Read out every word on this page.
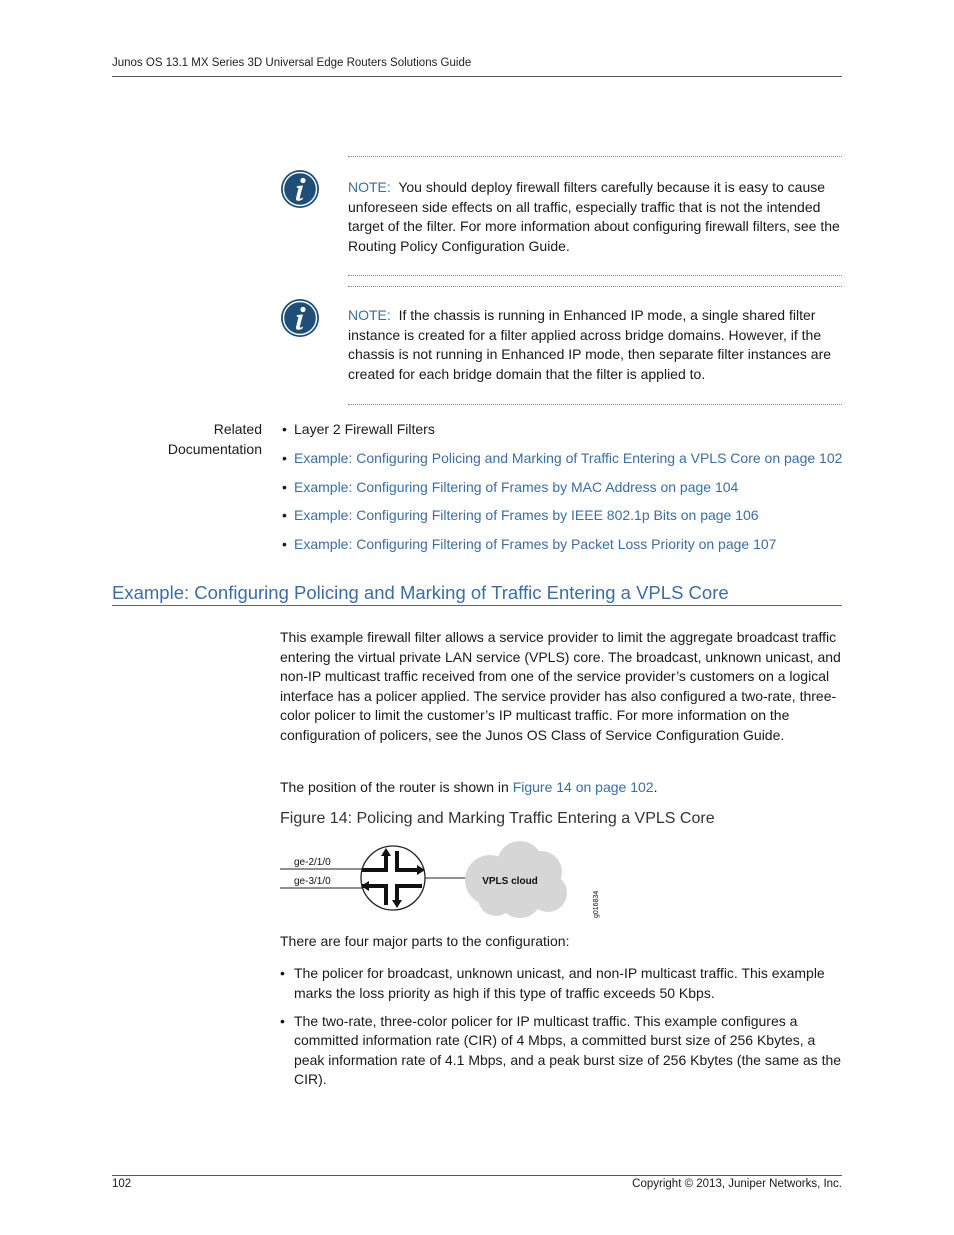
Junos OS 13.1 MX Series 3D Universal Edge Routers Solutions Guide
NOTE: You should deploy firewall filters carefully because it is easy to cause unforeseen side effects on all traffic, especially traffic that is not the intended target of the filter. For more information about configuring firewall filters, see the Routing Policy Configuration Guide.
NOTE: If the chassis is running in Enhanced IP mode, a single shared filter instance is created for a filter applied across bridge domains. However, if the chassis is not running in Enhanced IP mode, then separate filter instances are created for each bridge domain that the filter is applied to.
Related
Documentation
• Layer 2 Firewall Filters
• Example: Configuring Policing and Marking of Traffic Entering a VPLS Core on page 102
• Example: Configuring Filtering of Frames by MAC Address on page 104
• Example: Configuring Filtering of Frames by IEEE 802.1p Bits on page 106
• Example: Configuring Filtering of Frames by Packet Loss Priority on page 107
Example: Configuring Policing and Marking of Traffic Entering a VPLS Core
This example firewall filter allows a service provider to limit the aggregate broadcast traffic entering the virtual private LAN service (VPLS) core. The broadcast, unknown unicast, and non-IP multicast traffic received from one of the service provider’s customers on a logical interface has a policer applied. The service provider has also configured a two-rate, three-color policer to limit the customer’s IP multicast traffic. For more information on the configuration of policers, see the Junos OS Class of Service Configuration Guide.
The position of the router is shown in Figure 14 on page 102.
Figure 14: Policing and Marking Traffic Entering a VPLS Core
ge-2/1/0
ge-3/1/0	VPLS cloud
g016834
There are four major parts to the configuration:
• The policer for broadcast, unknown unicast, and non-IP multicast traffic. This example marks the loss priority as high if this type of traffic exceeds 50 Kbps.
• The two-rate, three-color policer for IP multicast traffic. This example configures a committed information rate (CIR) of 4 Mbps, a committed burst size of 256 Kbytes, a peak information rate of 4.1 Mbps, and a peak burst size of 256 Kbytes (the same as the CIR).
102	Copyright © 2013, Juniper Networks, Inc.
